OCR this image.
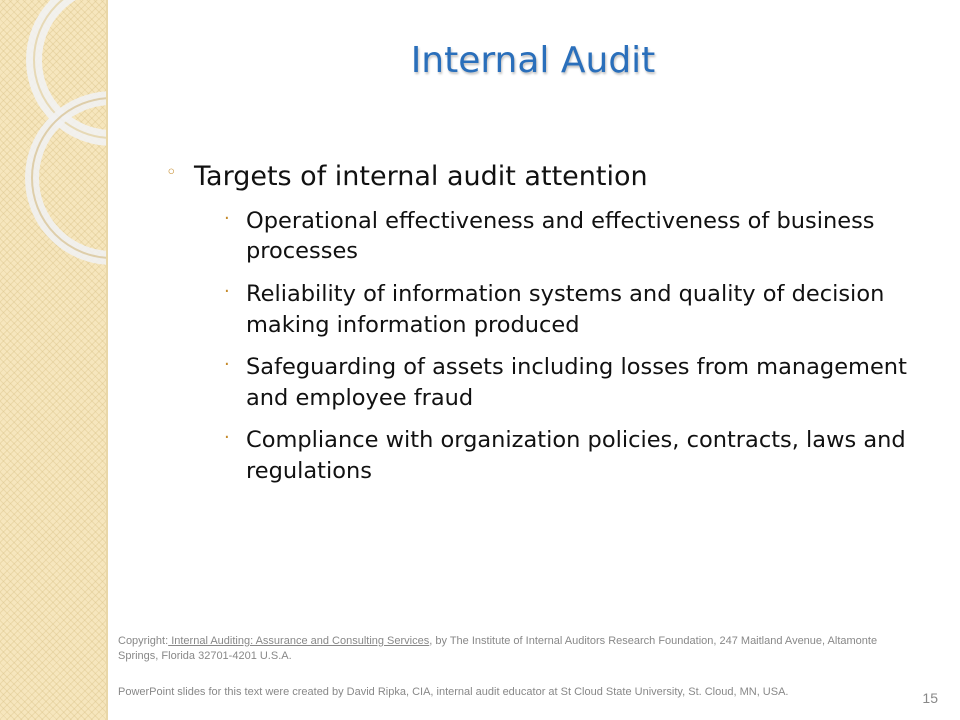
Internal Audit
◦ Targets of internal audit attention
· Operational effectiveness and effectiveness of business processes
· Reliability of information systems and quality of decision making information produced
· Safeguarding of assets including losses from management and employee fraud
· Compliance with organization policies, contracts, laws and regulations
Copyright: Internal Auditing: Assurance and Consulting Services, by The Institute of Internal Auditors Research Foundation, 247 Maitland Avenue, Altamonte Springs, Florida 32701-4201 U.S.A.
PowerPoint slides for this text were created by David Ripka, CIA, internal audit educator at St Cloud State University, St. Cloud, MN, USA.	15
